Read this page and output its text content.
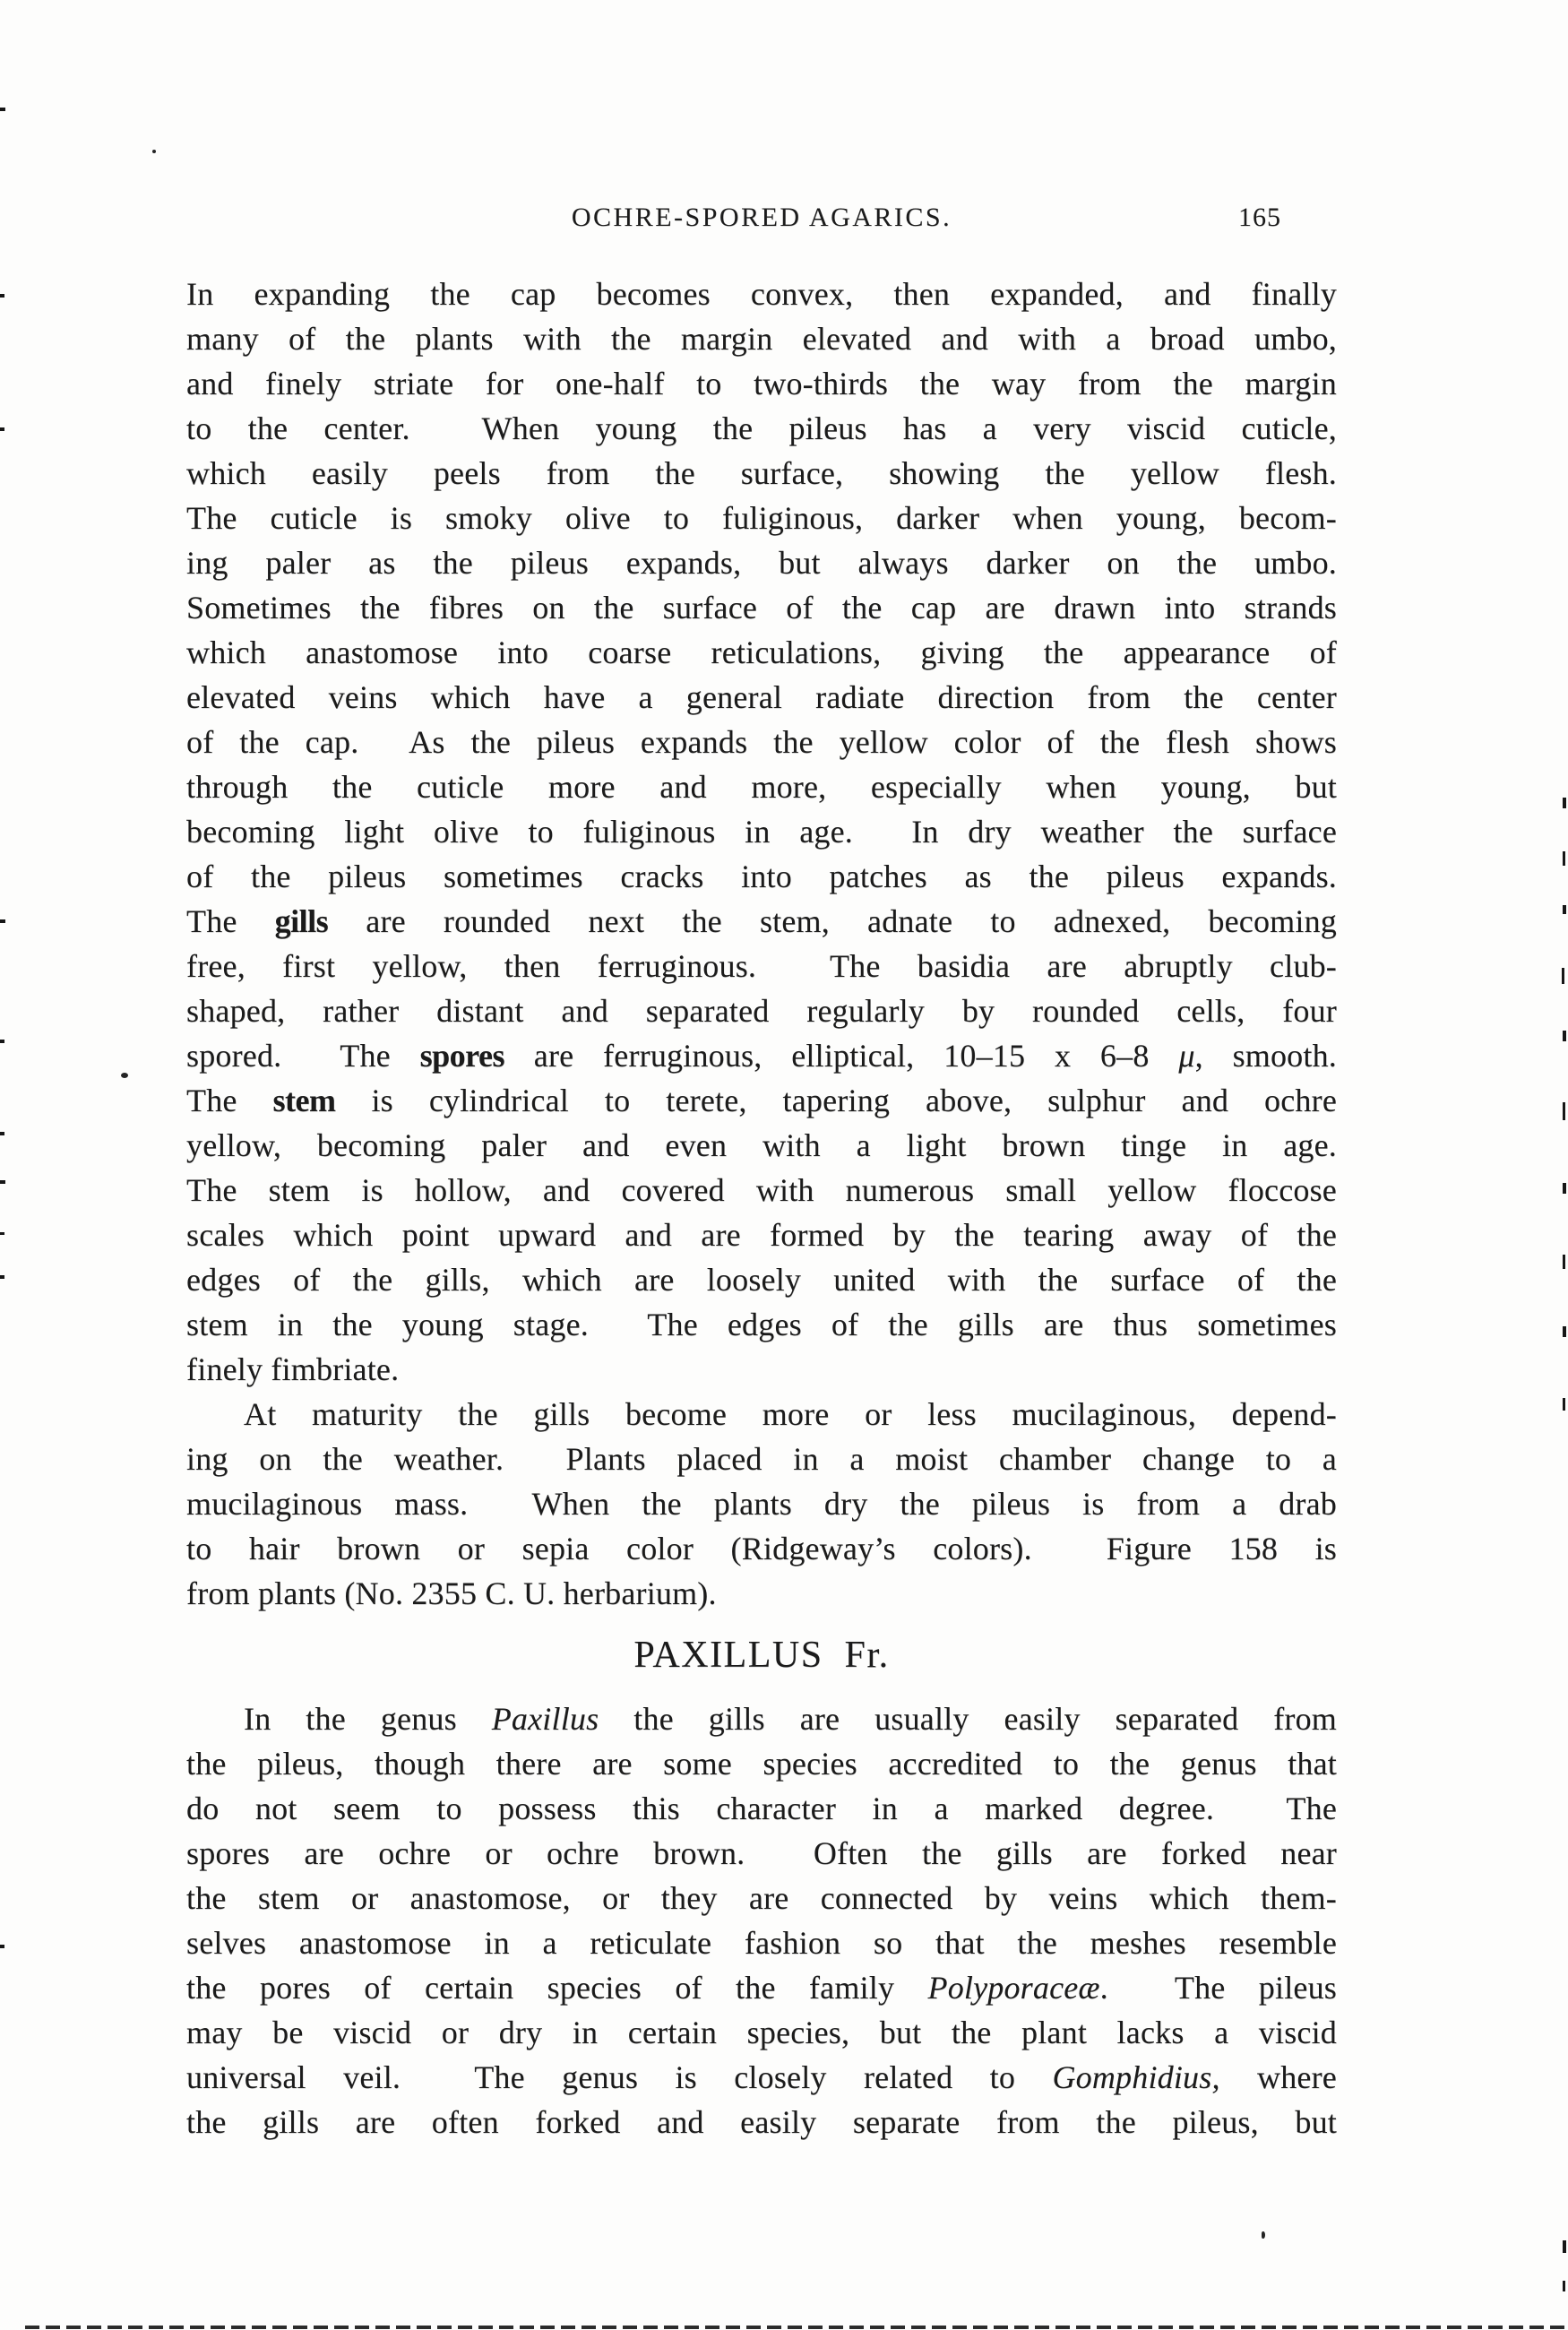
OCHRE-SPORED AGARICS.	165
In expanding the cap becomes convex, then expanded, and finally
many of the plants with the margin elevated and with a broad umbo,
and finely striate for one-half to two-thirds the way from the margin
to the center.  When young the pileus has a very viscid cuticle,
which easily peels from the surface, showing the yellow flesh.
The cuticle is smoky olive to fuliginous, darker when young, becom-
ing paler as the pileus expands, but always darker on the umbo.
Sometimes the fibres on the surface of the cap are drawn into strands
which anastomose into coarse reticulations, giving the appearance of
elevated veins which have a general radiate direction from the center
of the cap.  As the pileus expands the yellow color of the flesh shows
through the cuticle more and more, especially when young, but
becoming light olive to fuliginous in age.  In dry weather the surface
of the pileus sometimes cracks into patches as the pileus expands.
The gills are rounded next the stem, adnate to adnexed, becoming
free, first yellow, then ferruginous.  The basidia are abruptly club-
shaped, rather distant and separated regularly by rounded cells, four
spored.  The spores are ferruginous, elliptical, 10–15 x 6–8 μ, smooth.
The stem is cylindrical to terete, tapering above, sulphur and ochre
yellow, becoming paler and even with a light brown tinge in age.
The stem is hollow, and covered with numerous small yellow floccose
scales which point upward and are formed by the tearing away of the
edges of the gills, which are loosely united with the surface of the
stem in the young stage.  The edges of the gills are thus sometimes
finely fimbriate.
At maturity the gills become more or less mucilaginous, depend-
ing on the weather.  Plants placed in a moist chamber change to a
mucilaginous mass.  When the plants dry the pileus is from a drab
to hair brown or sepia color (Ridgeway’s colors).  Figure 158 is
from plants (No. 2355 C. U. herbarium).
PAXILLUS  Fr.
In the genus Paxillus the gills are usually easily separated from
the pileus, though there are some species accredited to the genus that
do not seem to possess this character in a marked degree.  The
spores are ochre or ochre brown.  Often the gills are forked near
the stem or anastomose, or they are connected by veins which them-
selves anastomose in a reticulate fashion so that the meshes resemble
the pores of certain species of the family Polyporaceæ.  The pileus
may be viscid or dry in certain species, but the plant lacks a viscid
universal veil.  The genus is closely related to Gomphidius, where
the gills are often forked and easily separate from the pileus, but
